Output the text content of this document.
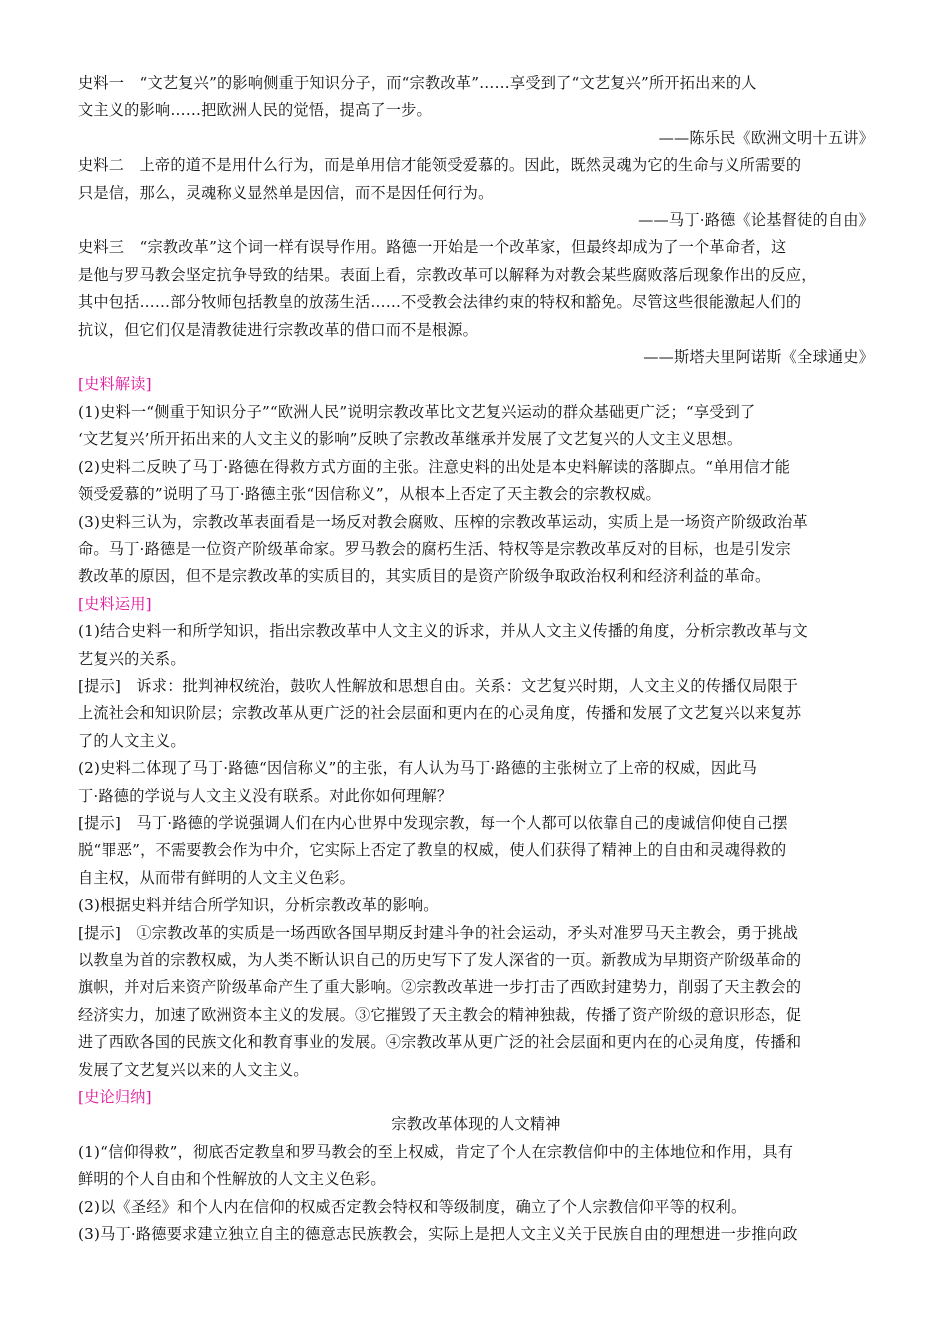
史料一　“文艺复兴”的影响侧重于知识分子，而“宗教改革”……享受到了“文艺复兴”所开拓出来的人
文主义的影响……把欧洲人民的觉悟，提高了一步。
——陈乐民《欧洲文明十五讲》
史料二　上帝的道不是用什么行为，而是单用信才能领受爱慕的。因此，既然灵魂为它的生命与义所需要的
只是信，那么，灵魂称义显然单是因信，而不是因任何行为。
——马丁·路德《论基督徒的自由》
史料三　“宗教改革”这个词一样有误导作用。路德一开始是一个改革家，但最终却成为了一个革命者，这
是他与罗马教会坚定抗争导致的结果。表面上看，宗教改革可以解释为对教会某些腐败落后现象作出的反应，
其中包括……部分牧师包括教皇的放荡生活……不受教会法律约束的特权和豁免。尽管这些很能激起人们的
抗议，但它们仅是清教徒进行宗教改革的借口而不是根源。
——斯塔夫里阿诺斯《全球通史》
[史料解读]
(1)史料一“侧重于知识分子”“欧洲人民”说明宗教改革比文艺复兴运动的群众基础更广泛；“享受到了
‘文艺复兴’所开拓出来的人文主义的影响”反映了宗教改革继承并发展了文艺复兴的人文主义思想。
(2)史料二反映了马丁·路德在得救方式方面的主张。注意史料的出处是本史料解读的落脚点。“单用信才能
领受爱慕的”说明了马丁·路德主张“因信称义”，从根本上否定了天主教会的宗教权威。
(3)史料三认为，宗教改革表面看是一场反对教会腐败、压榨的宗教改革运动，实质上是一场资产阶级政治革
命。马丁·路德是一位资产阶级革命家。罗马教会的腐朽生活、特权等是宗教改革反对的目标，也是引发宗
教改革的原因，但不是宗教改革的实质目的，其实质目的是资产阶级争取政治权利和经济利益的革命。
[史料运用]
(1)结合史料一和所学知识，指出宗教改革中人文主义的诉求，并从人文主义传播的角度，分析宗教改革与文
艺复兴的关系。
[提示]　诉求：批判神权统治，鼓吹人性解放和思想自由。关系：文艺复兴时期，人文主义的传播仅局限于
上流社会和知识阶层；宗教改革从更广泛的社会层面和更内在的心灵角度，传播和发展了文艺复兴以来复苏
了的人文主义。
(2)史料二体现了马丁·路德“因信称义”的主张，有人认为马丁·路德的主张树立了上帝的权威，因此马
丁·路德的学说与人文主义没有联系。对此你如何理解？
[提示]　马丁·路德的学说强调人们在内心世界中发现宗教，每一个人都可以依靠自己的虔诚信仰使自己摆
脱“罪恶”，不需要教会作为中介，它实际上否定了教皇的权威，使人们获得了精神上的自由和灵魂得救的
自主权，从而带有鲜明的人文主义色彩。
(3)根据史料并结合所学知识，分析宗教改革的影响。
[提示]　①宗教改革的实质是一场西欧各国早期反封建斗争的社会运动，矛头对准罗马天主教会，勇于挑战
以教皇为首的宗教权威，为人类不断认识自己的历史写下了发人深省的一页。新教成为早期资产阶级革命的
旗帜，并对后来资产阶级革命产生了重大影响。②宗教改革进一步打击了西欧封建势力，削弱了天主教会的
经济实力，加速了欧洲资本主义的发展。③它摧毁了天主教会的精神独裁，传播了资产阶级的意识形态，促
进了西欧各国的民族文化和教育事业的发展。④宗教改革从更广泛的社会层面和更内在的心灵角度，传播和
发展了文艺复兴以来的人文主义。
[史论归纳]
宗教改革体现的人文精神
(1)“信仰得救”，彻底否定教皇和罗马教会的至上权威，肯定了个人在宗教信仰中的主体地位和作用，具有
鲜明的个人自由和个性解放的人文主义色彩。
(2)以《圣经》和个人内在信仰的权威否定教会特权和等级制度，确立了个人宗教信仰平等的权利。
(3)马丁·路德要求建立独立自主的德意志民族教会，实际上是把人文主义关于民族自由的理想进一步推向政
